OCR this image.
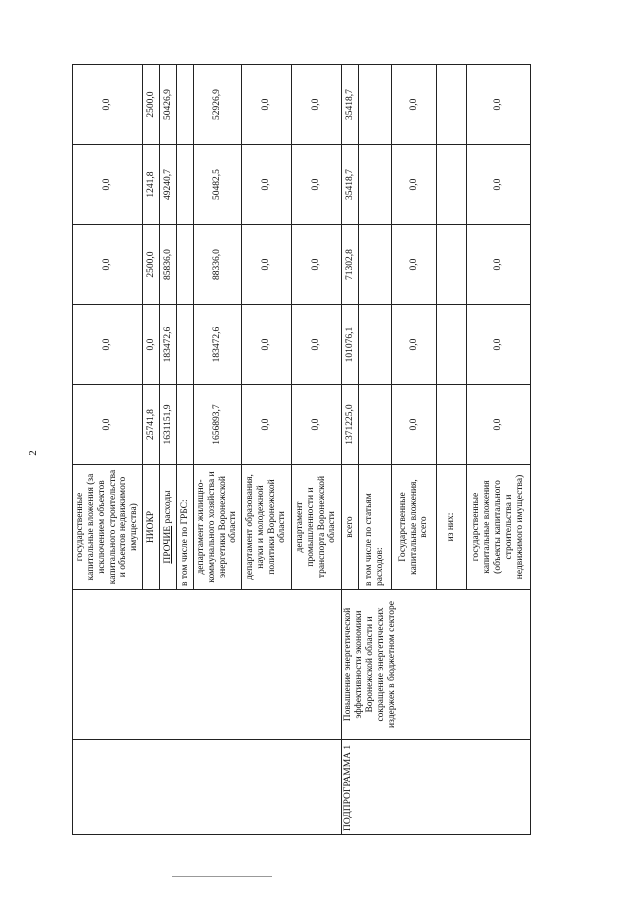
2
		государственные капитальные вложения (за исключением объектов капитального строительства и объектов недвижимого имущества)	0,0	0,0	0,0	0,0	0,0
		НИОКР	25741,8	0,0	2500,0	1241,8	2500,0
		ПРОЧИЕ расходы	1631151,9	183472,6	85836,0	49240,7	50426,9
		в том числе по ГРБС:					
		департамент жилищно-коммунального хозяйства и энергетики Воронежской области	1656893,7	183472,6	88336,0	50482,5	52926,9
		департамент образования, науки и молодежной политики Воронежской области	0,0	0,0	0,0	0,0	0,0
		департамент промышленности и транспорта Воронежской области	0,0	0,0	0,0	0,0	0,0
ПОДПРОГРАММА 1	Повышение энергетической эффективности экономики Воронежской области и сокращение энергетических издержек в бюджетном секторе	всего	1371225,0	101076,1	71302,8	35418,7	35418,7
		в том числе по статьям расходов:					
		Государственные капитальные вложения, всего	0,0	0,0	0,0	0,0	0,0
		из них:					
		государственные капитальные вложения (объекты капитального строительства и недвижимого имущества)	0,0	0,0	0,0	0,0	0,0
